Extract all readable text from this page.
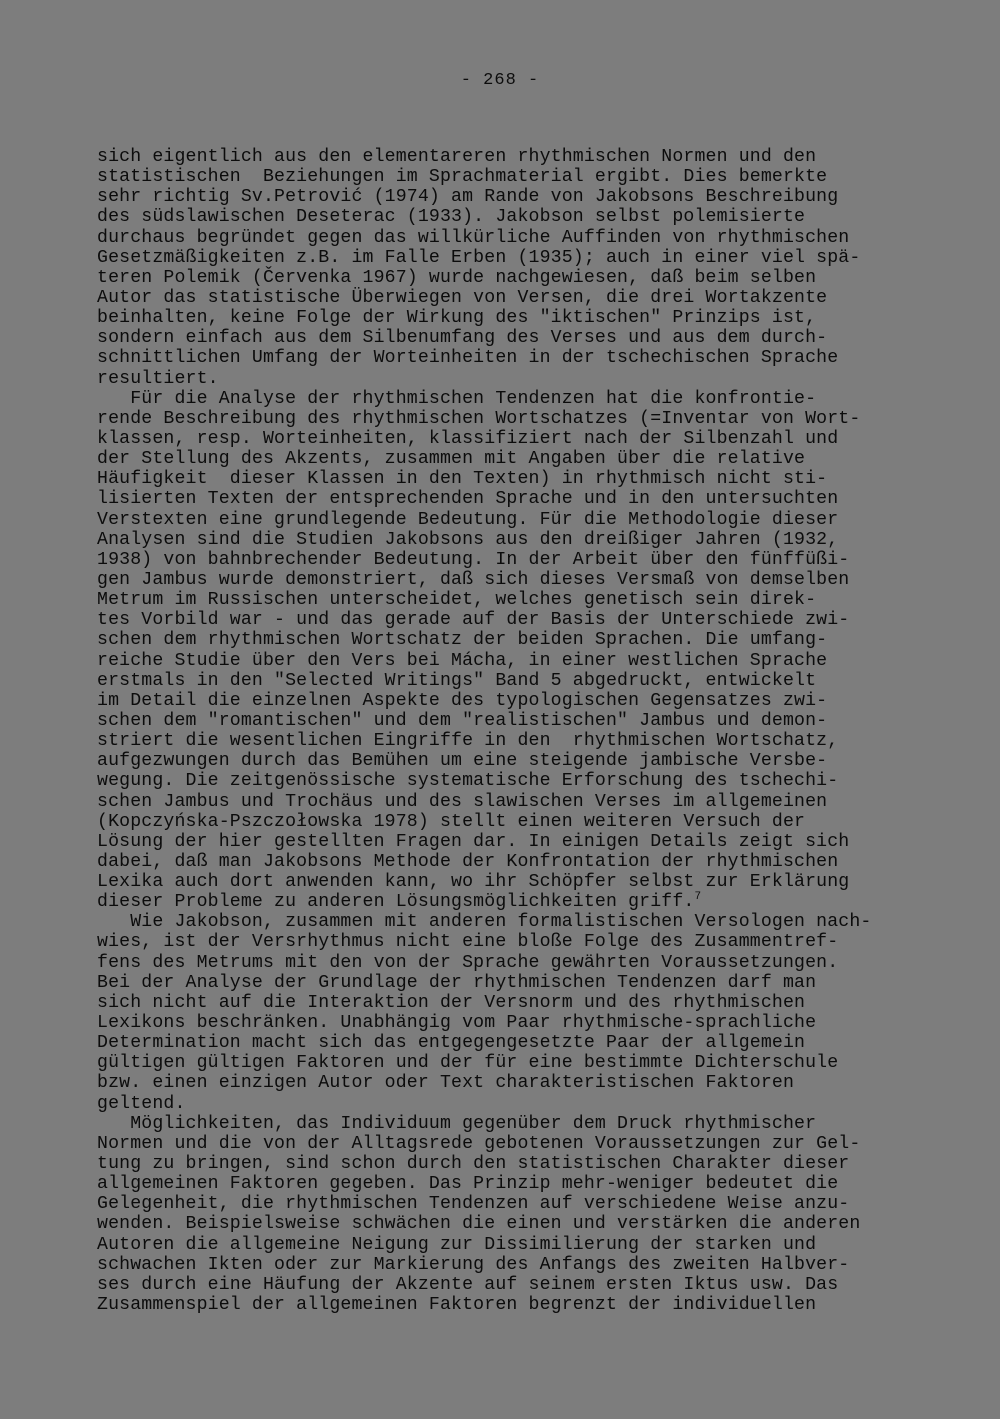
- 268 -
sich eigentlich aus den elementareren rhythmischen Normen und den
statistischen  Beziehungen im Sprachmaterial ergibt. Dies bemerkte
sehr richtig Sv.Petrović (1974) am Rande von Jakobsons Beschreibung
des südslawischen Deseterac (1933). Jakobson selbst polemisierte
durchaus begründet gegen das willkürliche Auffinden von rhythmischen
Gesetzmäßigkeiten z.B. im Falle Erben (1935); auch in einer viel spä-
teren Polemik (Červenka 1967) wurde nachgewiesen, daß beim selben
Autor das statistische Überwiegen von Versen, die drei Wortakzente
beinhalten, keine Folge der Wirkung des "iktischen" Prinzips ist,
sondern einfach aus dem Silbenumfang des Verses und aus dem durch-
schnittlichen Umfang der Worteinheiten in der tschechischen Sprache
resultiert.
Für die Analyse der rhythmischen Tendenzen hat die konfrontie-
rende Beschreibung des rhythmischen Wortschatzes (=Inventar von Wort-
klassen, resp. Worteinheiten, klassifiziert nach der Silbenzahl und
der Stellung des Akzents, zusammen mit Angaben über die relative
Häufigkeit  dieser Klassen in den Texten) in rhythmisch nicht sti-
lisierten Texten der entsprechenden Sprache und in den untersuchten
Verstexten eine grundlegende Bedeutung. Für die Methodologie dieser
Analysen sind die Studien Jakobsons aus den dreißiger Jahren (1932,
1938) von bahnbrechender Bedeutung. In der Arbeit über den fünffüßi-
gen Jambus wurde demonstriert, daß sich dieses Versmaß von demselben
Metrum im Russischen unterscheidet, welches genetisch sein direk-
tes Vorbild war - und das gerade auf der Basis der Unterschiede zwi-
schen dem rhythmischen Wortschatz der beiden Sprachen. Die umfang-
reiche Studie über den Vers bei Mácha, in einer westlichen Sprache
erstmals in den "Selected Writings" Band 5 abgedruckt, entwickelt
im Detail die einzelnen Aspekte des typologischen Gegensatzes zwi-
schen dem "romantischen" und dem "realistischen" Jambus und demon-
striert die wesentlichen Eingriffe in den  rhythmischen Wortschatz,
aufgezwungen durch das Bemühen um eine steigende jambische Versbe-
wegung. Die zeitgenössische systematische Erforschung des tschechi-
schen Jambus und Trochäus und des slawischen Verses im allgemeinen
(Kopczyńska-Pszczołowska 1978) stellt einen weiteren Versuch der
Lösung der hier gestellten Fragen dar. In einigen Details zeigt sich
dabei, daß man Jakobsons Methode der Konfrontation der rhythmischen
Lexika auch dort anwenden kann, wo ihr Schöpfer selbst zur Erklärung
dieser Probleme zu anderen Lösungsmöglichkeiten griff.$^7$
Wie Jakobson, zusammen mit anderen formalistischen Versologen nach-
wies, ist der Versrhythmus nicht eine bloße Folge des Zusammentref-
fens des Metrums mit den von der Sprache gewährten Voraussetzungen.
Bei der Analyse der Grundlage der rhythmischen Tendenzen darf man
sich nicht auf die Interaktion der Versnorm und des rhythmischen
Lexikons beschränken. Unabhängig vom Paar rhythmische-sprachliche
Determination macht sich das entgegengesetzte Paar der allgemein
gültigen gültigen Faktoren und der für eine bestimmte Dichterschule
bzw. einen einzigen Autor oder Text charakteristischen Faktoren
geltend.
Möglichkeiten, das Individuum gegenüber dem Druck rhythmischer
Normen und die von der Alltagsrede gebotenen Voraussetzungen zur Gel-
tung zu bringen, sind schon durch den statistischen Charakter dieser
allgemeinen Faktoren gegeben. Das Prinzip mehr-weniger bedeutet die
Gelegenheit, die rhythmischen Tendenzen auf verschiedene Weise anzu-
wenden. Beispielsweise schwächen die einen und verstärken die anderen
Autoren die allgemeine Neigung zur Dissimilierung der starken und
schwachen Ikten oder zur Markierung des Anfangs des zweiten Halbver-
ses durch eine Häufung der Akzente auf seinem ersten Iktus usw. Das
Zusammenspiel der allgemeinen Faktoren begrenzt der individuellen
